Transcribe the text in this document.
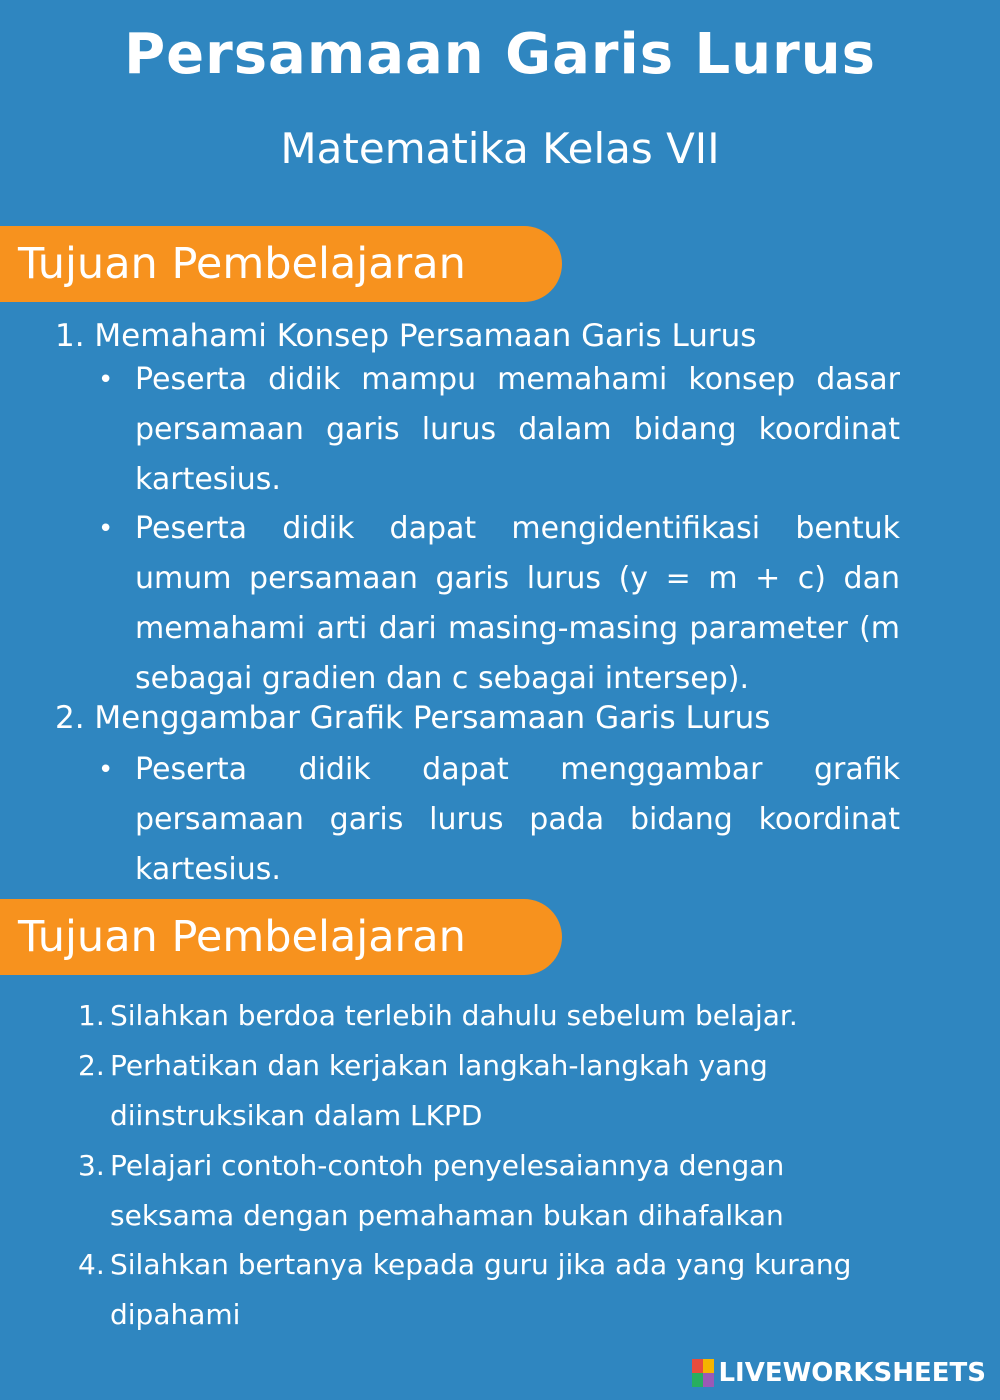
Persamaan Garis Lurus
Matematika Kelas VII
Tujuan Pembelajaran
1. Memahami Konsep Persamaan Garis Lurus
• Peserta didik mampu memahami konsep dasar persamaan garis lurus dalam bidang koordinat kartesius.
• Peserta didik dapat mengidentifikasi bentuk umum persamaan garis lurus (y = m + c) dan memahami arti dari masing-masing parameter (m sebagai gradien dan c sebagai intersep).
2. Menggambar Grafik Persamaan Garis Lurus
• Peserta didik dapat menggambar grafik persamaan garis lurus pada bidang koordinat kartesius.
Tujuan Pembelajaran
1. Silahkan berdoa terlebih dahulu sebelum belajar.
2. Perhatikan dan kerjakan langkah-langkah yang diinstruksikan dalam LKPD
3. Pelajari contoh-contoh penyelesaiannya dengan seksama dengan pemahaman bukan dihafalkan
4. Silahkan bertanya kepada guru jika ada yang kurang dipahami
LIVEWORKSHEETS
